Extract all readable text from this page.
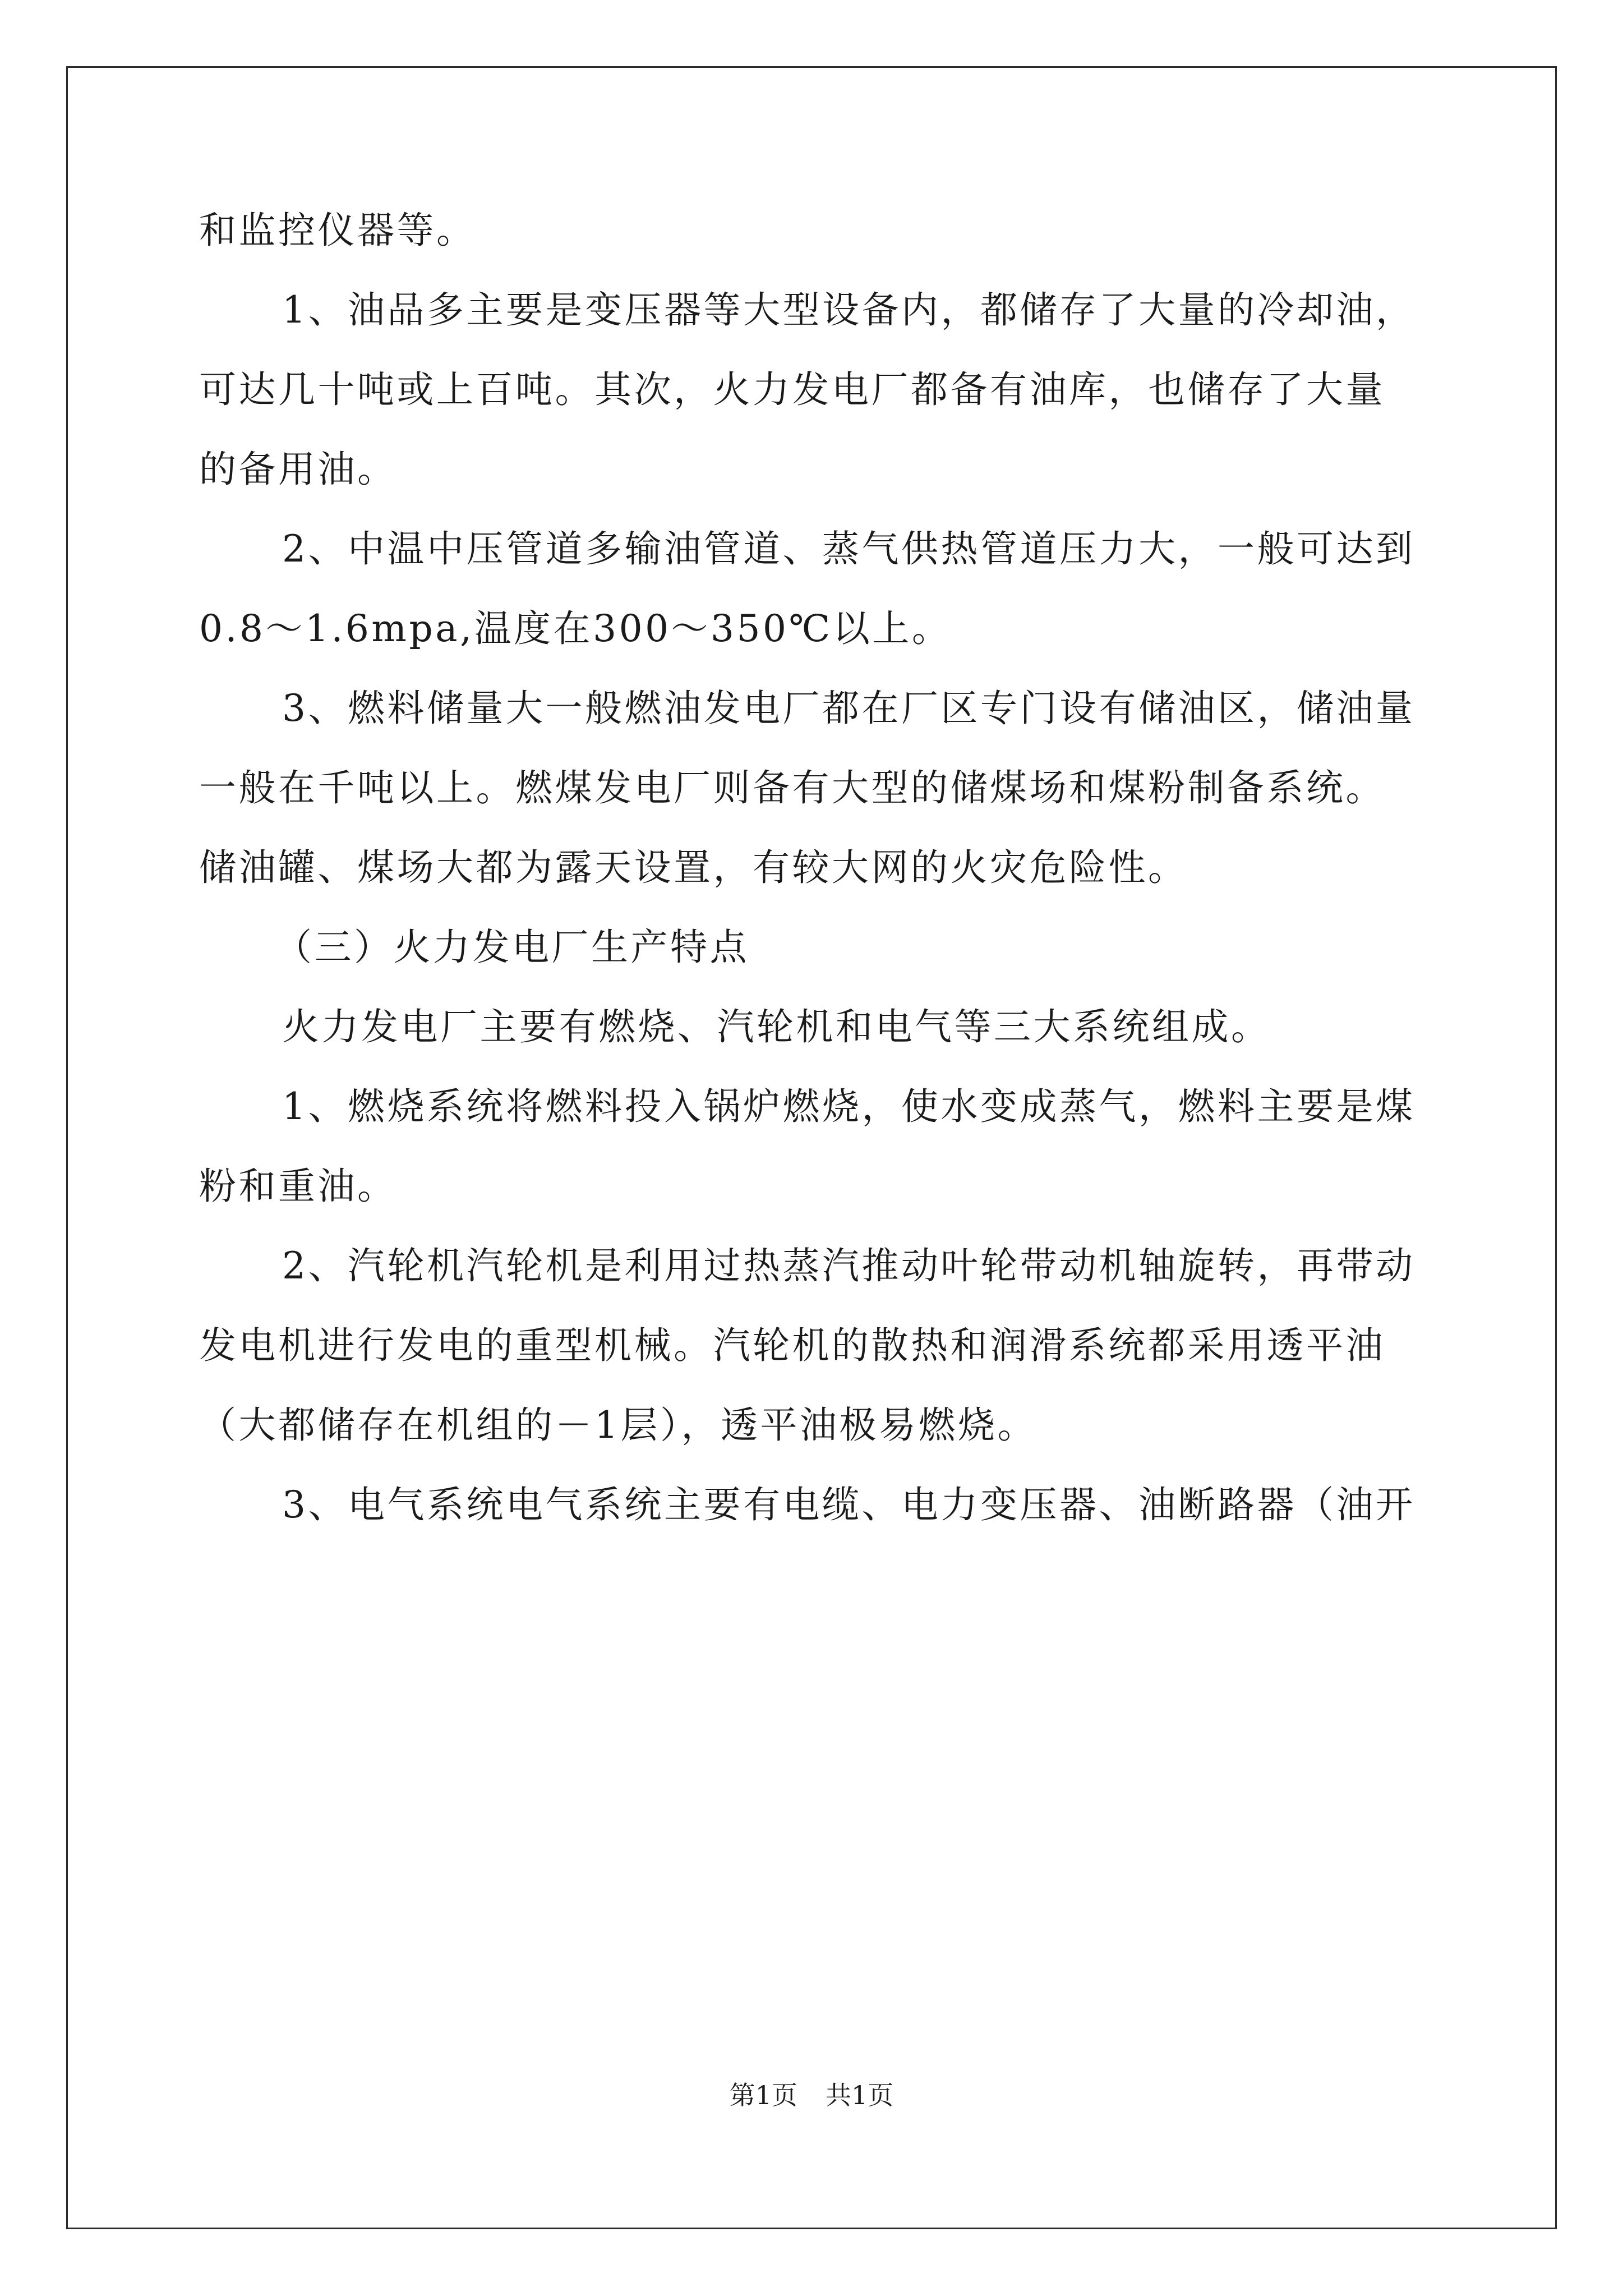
和监控仪器等。
1、油品多主要是变压器等大型设备内，都储存了大量的冷却油，
可达几十吨或上百吨。其次，火力发电厂都备有油库，也储存了大量
的备用油。
2、中温中压管道多输油管道、蒸气供热管道压力大，一般可达到
0.8～1.6mpa,温度在300～350℃以上。
3、燃料储量大一般燃油发电厂都在厂区专门设有储油区，储油量
一般在千吨以上。燃煤发电厂则备有大型的储煤场和煤粉制备系统。
储油罐、煤场大都为露天设置，有较大网的火灾危险性。
（三）火力发电厂生产特点
火力发电厂主要有燃烧、汽轮机和电气等三大系统组成。
1、燃烧系统将燃料投入锅炉燃烧，使水变成蒸气，燃料主要是煤
粉和重油。
2、汽轮机汽轮机是利用过热蒸汽推动叶轮带动机轴旋转，再带动
发电机进行发电的重型机械。汽轮机的散热和润滑系统都采用透平油
（大都储存在机组的－1层），透平油极易燃烧。
3、电气系统电气系统主要有电缆、电力变压器、油断路器（油开
第1页 共1页
